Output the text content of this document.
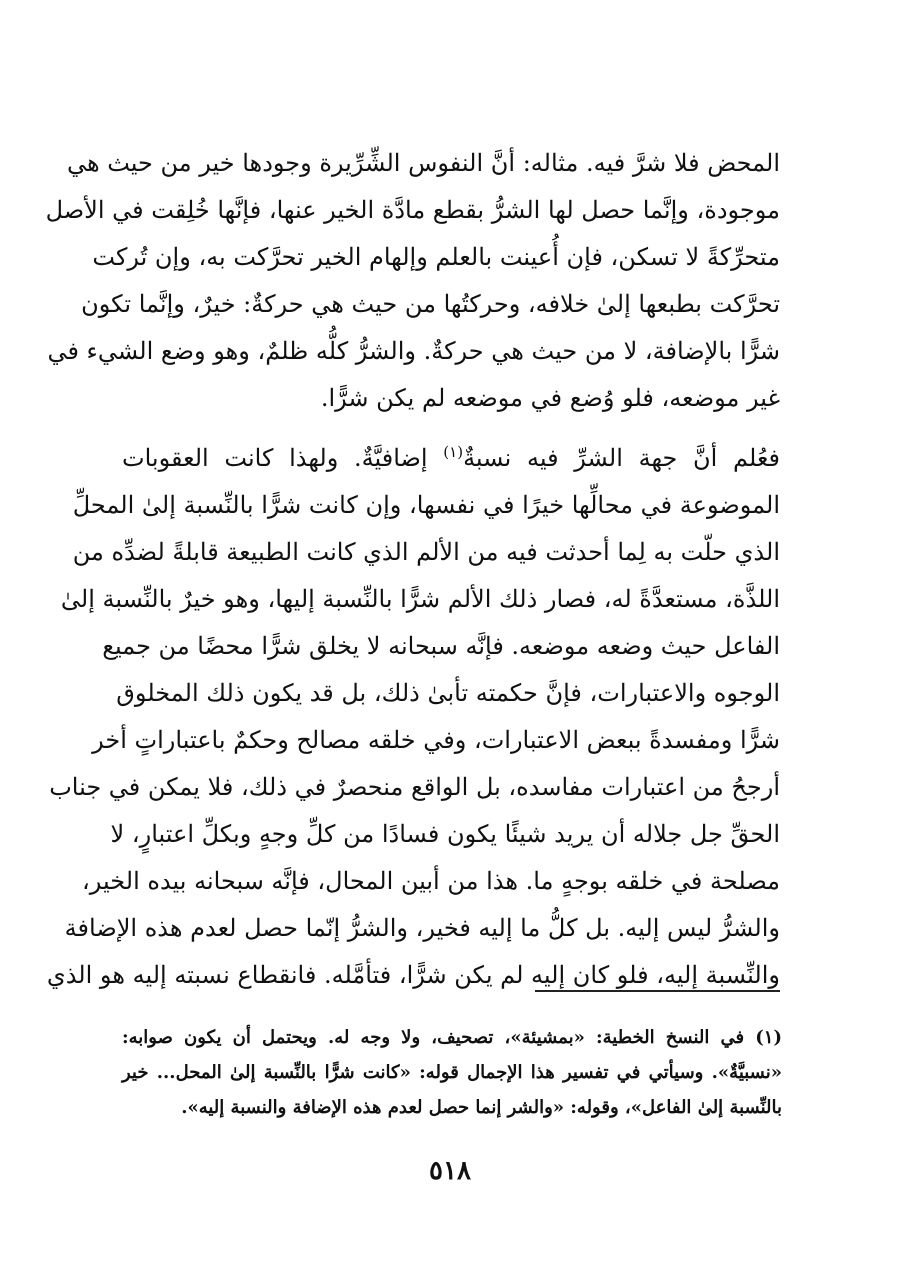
المحض فلا شرَّ فيه. مثاله: أنَّ النفوس الشِّرِّيرة وجودها خير من حيث هي
موجودة، وإنَّما حصل لها الشرُّ بقطع مادَّة الخير عنها، فإنَّها خُلِقت في الأصل
متحرِّكةً لا تسكن، فإن أُعينت بالعلم وإلهام الخير تحرَّكت به، وإن تُركت
تحرَّكت بطبعها إلىٰ خلافه، وحركتُها من حيث هي حركةٌ: خيرٌ، وإنَّما تكون
شرًّا بالإضافة، لا من حيث هي حركةٌ. والشرُّ كلُّه ظلمٌ، وهو وضع الشيء في
غير موضعه، فلو وُضع في موضعه لم يكن شرًّا.
فعُلم أنَّ جهة الشرِّ فيه نسبةٌ$^{(١)}$ إضافيَّةٌ. ولهذا كانت العقوبات
الموضوعة في محالِّها خيرًا في نفسها، وإن كانت شرًّا بالنِّسبة إلىٰ المحلِّ
الذي حلّت به لِما أحدثت فيه من الألم الذي كانت الطبيعة قابلةً لضدِّه من
اللذَّة، مستعدَّةً له، فصار ذلك الألم شرًّا بالنِّسبة إليها، وهو خيرٌ بالنِّسبة إلىٰ
الفاعل حيث وضعه موضعه. فإنَّه سبحانه لا يخلق شرًّا محضًا من جميع
الوجوه والاعتبارات، فإنَّ حكمته تأبىٰ ذلك، بل قد يكون ذلك المخلوق
شرًّا ومفسدةً ببعض الاعتبارات، وفي خلقه مصالح وحكمٌ باعتباراتٍ أخر
أرجحُ من اعتبارات مفاسده، بل الواقع منحصرٌ في ذلك، فلا يمكن في جناب
الحقِّ جل جلاله أن يريد شيئًا يكون فسادًا من كلِّ وجهٍ وبكلِّ اعتبارٍ، لا
مصلحة في خلقه بوجهٍ ما. هذا من أبين المحال، فإنَّه سبحانه بيده الخير،
والشرُّ ليس إليه. بل كلُّ ما إليه فخير، والشرُّ إنّما حصل لعدم هذه الإضافة
والنِّسبة إليه، فلو كان إليه لم يكن شرًّا، فتأمَّله. فانقطاع نسبته إليه هو الذي
(١) في النسخ الخطية: «بمشيئة»، تصحيف، ولا وجه له. ويحتمل أن يكون صوابه:
«نسبيَّةٌ». وسيأتي في تفسير هذا الإجمال قوله: «كانت شرًّا بالنِّسبة إلىٰ المحل... خير
بالنِّسبة إلىٰ الفاعل»، وقوله: «والشر إنما حصل لعدم هذه الإضافة والنسبة إليه».
٥١٨
